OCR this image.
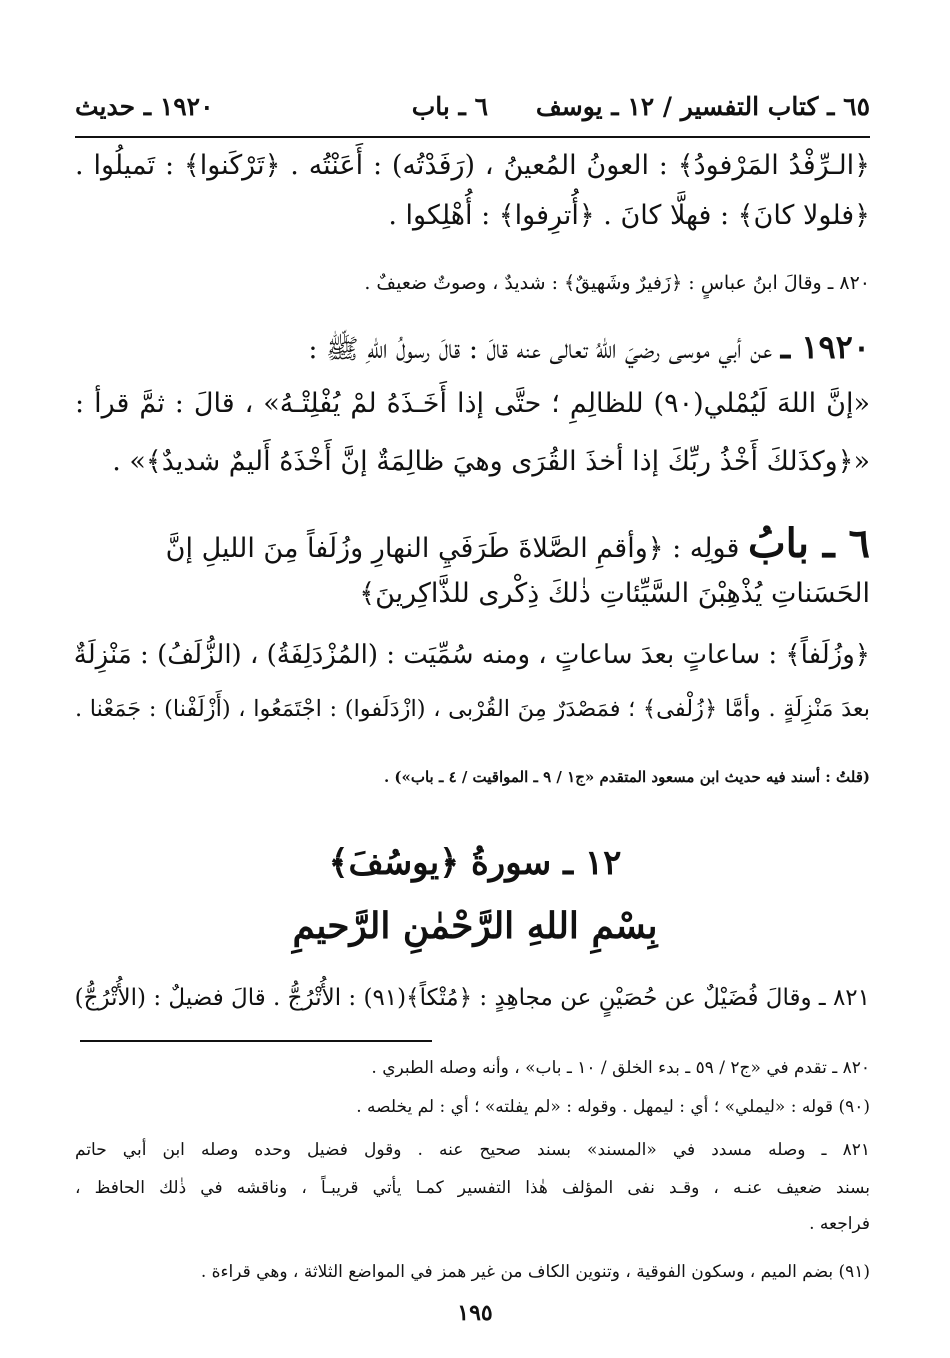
٦٥ ـ كتاب التفسير / ١٢ ـ يوسف
٦ ـ باب
١٩٢٠ ـ حديث
﴿الـرِّفْدُ المَرْفودُ﴾ : العونُ المُعينُ ، (رَفَدْتُه) : أَعَنْتُه . ﴿تَرْكَنوا﴾ : تَميلُوا .
﴿فلولا كانَ﴾ : فهلَّا كانَ . ﴿أُترِفوا﴾ : أُهْلِكوا .
٨٢٠ ـ وقالَ ابنُ عباسٍ : ﴿زَفيرٌ وشَهيقٌ﴾ : شديدٌ ، وصوتٌ ضعيفٌ .
١٩٢٠ ـ عن أبي موسى رضيَ اللهُ تعالى عنه قالَ : قالَ رسولُ اللهِ ﷺ :
«إنَّ اللهَ لَيُمْلي(٩٠) للظالِمِ ؛ حتَّى إذا أَخَـذَهُ لمْ يُفْلِتْـهُ» ، قالَ : ثمَّ قرأ :
«﴿وكذَلكَ أَخْذُ ربِّكَ إذا أخذَ القُرَى وهيَ ظالِمَةٌ إنَّ أَخْذَهُ أَليمٌ شديدٌ﴾» .
٦ ـ بابُ قولِه : ﴿وأقمِ الصَّلاةَ طَرَفَيِ النهارِ وزُلَفاً مِنَ الليلِ إنَّ
الحَسَناتِ يُذْهِبْنَ السَّيِّئاتِ ذٰلكَ ذِكْرى للذَّاكِرينَ﴾
﴿وزُلَفاً﴾ : ساعاتٍ بعدَ ساعاتٍ ، ومنه سُمِّيَت : (المُزْدَلِفَةُ) ، (الزُّلَفُ) : مَنْزِلَةٌ
بعدَ مَنْزِلَةٍ . وأمَّا ﴿زُلْفى﴾ ؛ فمَصْدَرٌ مِنَ القُرْبى ، (ازْدَلَفوا) : اجْتَمَعُوا ، (أَزْلَفْنا) : جَمَعْنا .
(قلتُ : أسند فيه حديث ابن مسعود المتقدم «ج١ / ٩ ـ المواقيت / ٤ ـ باب») .
١٢ ـ سورةُ ﴿يوسُفَ﴾
بِسْمِ اللهِ الرَّحْمٰنِ الرَّحيمِ
٨٢١ ـ وقالَ فُضَيْلٌ عن حُصَيْنٍ عن مجاهِدٍ : ﴿مُتْكاً﴾(٩١) : الأُتْرُجُّ . قالَ فضيلٌ : (الأُتْرُجُّ)
٨٢٠ ـ تقدم في «ج٢ / ٥٩ ـ بدء الخلق / ١٠ ـ باب» ، وأنه وصله الطبري .
(٩٠) قوله : «ليملي» ؛ أي : ليمهل . وقوله : «لم يفلته» ؛ أي : لم يخلصه .
٨٢١ ـ وصله مسدد في «المسند» بسند صحيح عنه . وقول فضيل وحده وصله ابن أبي حاتم
بسند ضعيف عنـه ، وقـد نفى المؤلف هٰذا التفسير كمـا يأتي قريبـاً ، وناقشه في ذٰلك الحافظ ،
فراجعه .
(٩١) بضم الميم ، وسكون الفوقية ، وتنوين الكاف من غير همز في المواضع الثلاثة ، وهي قراءة .
١٩٥
